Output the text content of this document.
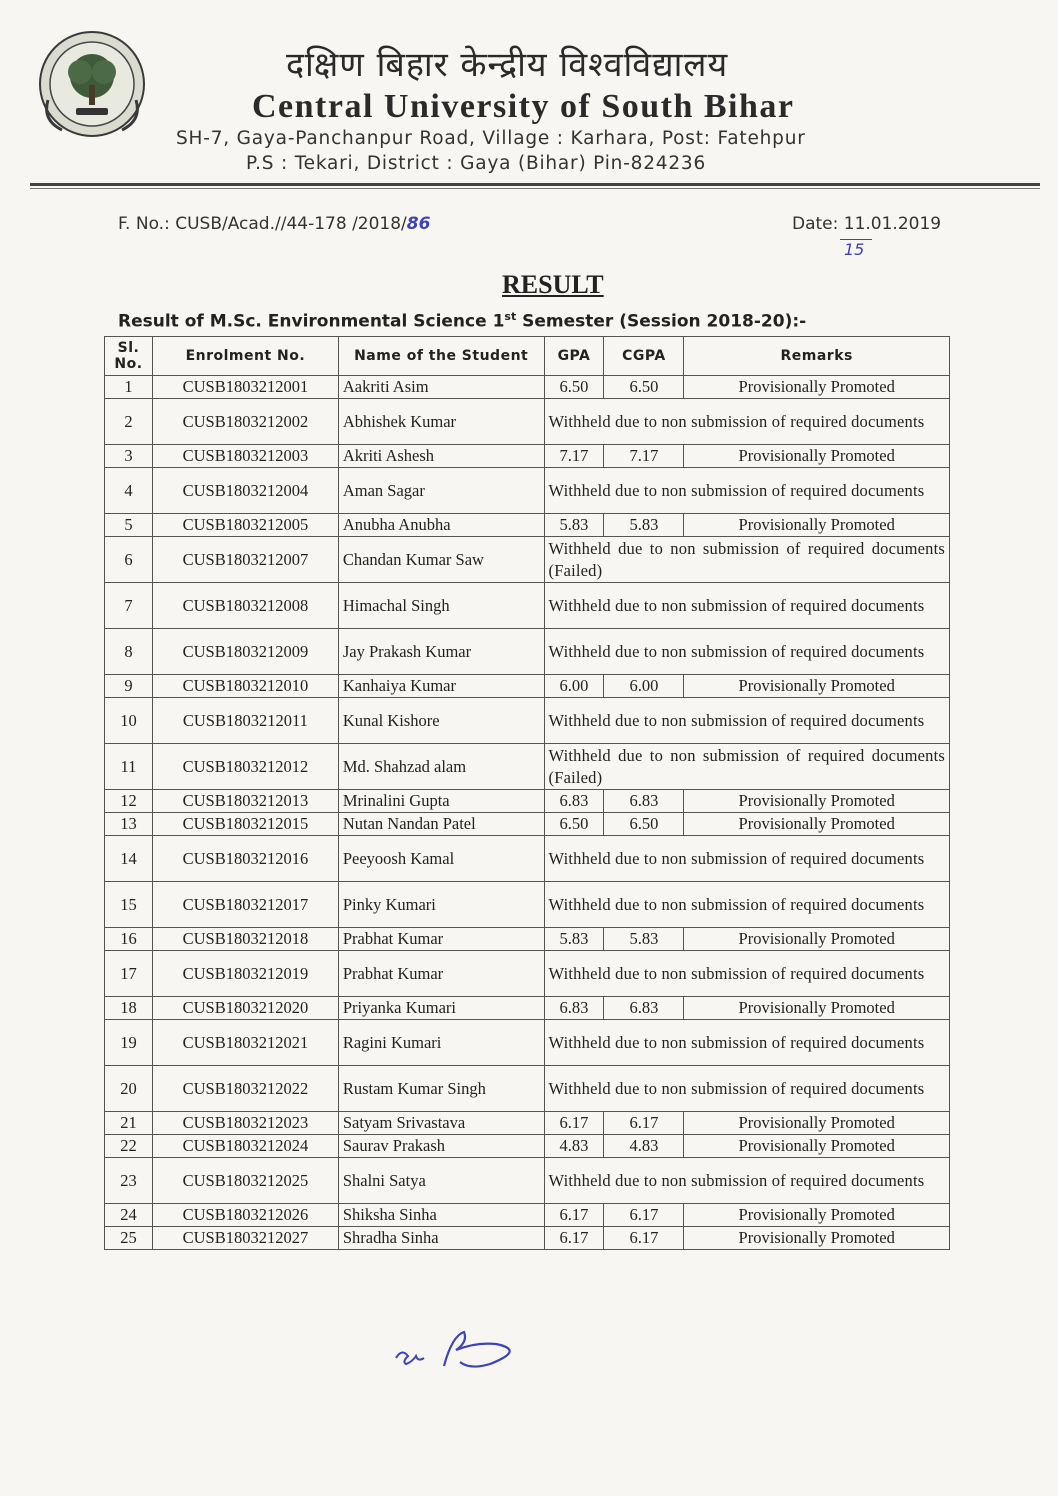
दक्षिण बिहार केन्द्रीय विश्वविद्यालय
Central University of South Bihar
SH-7, Gaya-Panchanpur Road, Village : Karhara, Post: Fatehpur
P.S : Tekari, District : Gaya (Bihar) Pin-824236
F. No.: CUSB/Acad.//44-178 /2018/86	Date: 11.01.2019
15
RESULT
Result of M.Sc. Environmental Science 1st Semester (Session 2018-20):-
Sl. No.	Enrolment No.	Name of the Student	GPA	CGPA	Remarks
1	CUSB1803212001	Aakriti Asim	6.50	6.50	Provisionally Promoted
2	CUSB1803212002	Abhishek Kumar	Withheld due to non submission of required documents		
3	CUSB1803212003	Akriti Ashesh	7.17	7.17	Provisionally Promoted
4	CUSB1803212004	Aman Sagar	Withheld due to non submission of required documents		
5	CUSB1803212005	Anubha Anubha	5.83	5.83	Provisionally Promoted
6	CUSB1803212007	Chandan Kumar Saw	Withheld due to non submission of required documents (Failed)		
7	CUSB1803212008	Himachal Singh	Withheld due to non submission of required documents		
8	CUSB1803212009	Jay Prakash Kumar	Withheld due to non submission of required documents		
9	CUSB1803212010	Kanhaiya Kumar	6.00	6.00	Provisionally Promoted
10	CUSB1803212011	Kunal Kishore	Withheld due to non submission of required documents		
11	CUSB1803212012	Md. Shahzad alam	Withheld due to non submission of required documents (Failed)		
12	CUSB1803212013	Mrinalini Gupta	6.83	6.83	Provisionally Promoted
13	CUSB1803212015	Nutan Nandan Patel	6.50	6.50	Provisionally Promoted
14	CUSB1803212016	Peeyoosh Kamal	Withheld due to non submission of required documents		
15	CUSB1803212017	Pinky Kumari	Withheld due to non submission of required documents		
16	CUSB1803212018	Prabhat Kumar	5.83	5.83	Provisionally Promoted
17	CUSB1803212019	Prabhat Kumar	Withheld due to non submission of required documents		
18	CUSB1803212020	Priyanka Kumari	6.83	6.83	Provisionally Promoted
19	CUSB1803212021	Ragini Kumari	Withheld due to non submission of required documents		
20	CUSB1803212022	Rustam Kumar Singh	Withheld due to non submission of required documents		
21	CUSB1803212023	Satyam Srivastava	6.17	6.17	Provisionally Promoted
22	CUSB1803212024	Saurav Prakash	4.83	4.83	Provisionally Promoted
23	CUSB1803212025	Shalni Satya	Withheld due to non submission of required documents		
24	CUSB1803212026	Shiksha Sinha	6.17	6.17	Provisionally Promoted
25	CUSB1803212027	Shradha Sinha	6.17	6.17	Provisionally Promoted
